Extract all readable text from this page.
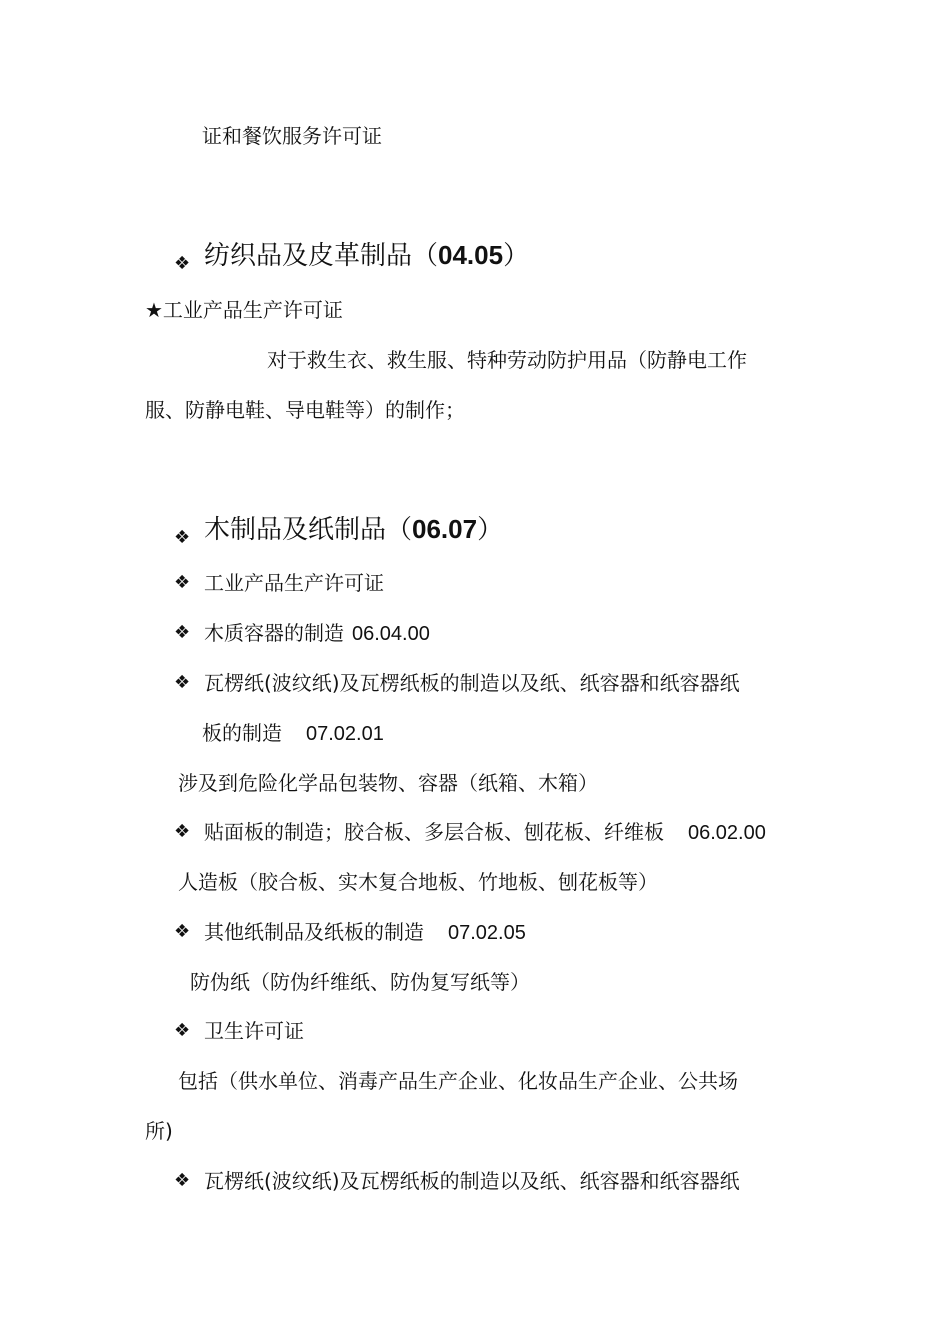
证和餐饮服务许可证
❖ 纺织品及皮革制品（04.05）
★工业产品生产许可证
对于救生衣、救生服、特种劳动防护用品（防静电工作
服、防静电鞋、导电鞋等）的制作；
❖ 木制品及纸制品（06.07）
❖ 工业产品生产许可证
❖ 木质容器的制造 06.04.00
❖ 瓦楞纸(波纹纸)及瓦楞纸板的制造以及纸、纸容器和纸容器纸
板的制造 07.02.01
涉及到危险化学品包装物、容器（纸箱、木箱）
❖ 贴面板的制造；胶合板、多层合板、刨花板、纤维板 06.02.00
人造板（胶合板、实木复合地板、竹地板、刨花板等）
❖ 其他纸制品及纸板的制造 07.02.05
防伪纸（防伪纤维纸、防伪复写纸等）
❖ 卫生许可证
包括（供水单位、消毒产品生产企业、化妆品生产企业、公共场
所)
❖ 瓦楞纸(波纹纸)及瓦楞纸板的制造以及纸、纸容器和纸容器纸
